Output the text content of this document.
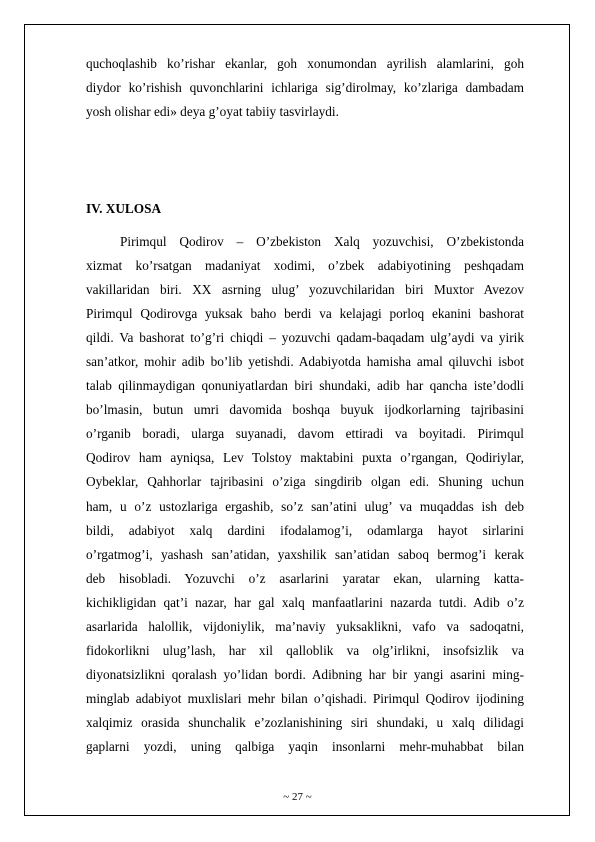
quchoqlashib ko’rishar ekanlar, goh xonumondan ayrilish alamlarini, goh
diydor ko’rishish quvonchlarini ichlariga sig’dirolmay, ko’zlariga dambadam
yosh olishar edi» deya g’oyat tabiiy tasvirlaydi.

IV. XULOSA

Pirimqul Qodirov – O’zbekiston Xalq yozuvchisi, O’zbekistonda
xizmat ko’rsatgan madaniyat xodimi, o’zbek adabiyotining peshqadam
vakillaridan biri. XX asrning ulug’ yozuvchilaridan biri Muxtor Avezov
Pirimqul Qodirovga yuksak baho berdi va kelajagi porloq ekanini bashorat
qildi. Va bashorat to’g’ri chiqdi – yozuvchi qadam-baqadam ulg’aydi va yirik
san’atkor, mohir adib bo’lib yetishdi. Adabiyotda hamisha amal qiluvchi isbot
talab qilinmaydigan qonuniyatlardan biri shundaki, adib har qancha iste’dodli
bo’lmasin, butun umri davomida boshqa buyuk ijodkorlarning tajribasini
o’rganib boradi, ularga suyanadi, davom ettiradi va boyitadi. Pirimqul
Qodirov ham ayniqsa, Lev Tolstoy maktabini puxta o’rgangan, Qodiriylar,
Oybeklar, Qahhorlar tajribasini o’ziga singdirib olgan edi. Shuning uchun
ham, u o’z ustozlariga ergashib, so’z san’atini ulug’ va muqaddas ish deb
bildi, adabiyot xalq dardini ifodalamog’i, odamlarga hayot sirlarini
o’rgatmog’i, yashash san’atidan, yaxshilik san’atidan saboq bermog’i kerak
deb hisobladi. Yozuvchi o’z asarlarini yaratar ekan, ularning katta-
kichikligidan qat’i nazar, har gal xalq manfaatlarini nazarda tutdi. Adib o’z
asarlarida halollik, vijdoniylik, ma’naviy yuksaklikni, vafo va sadoqatni,
fidokorlikni ulug’lash, har xil qalloblik va olg’irlikni, insofsizlik va
diyonatsizlikni qoralash yo’lidan bordi. Adibning har bir yangi asarini ming-
minglab adabiyot muxlislari mehr bilan o’qishadi. Pirimqul Qodirov ijodining
xalqimiz orasida shunchalik e’zozlanishining siri shundaki, u xalq dilidagi
gaplarni yozdi, uning qalbiga yaqin insonlarni mehr-muhabbat bilan

~ 27 ~
